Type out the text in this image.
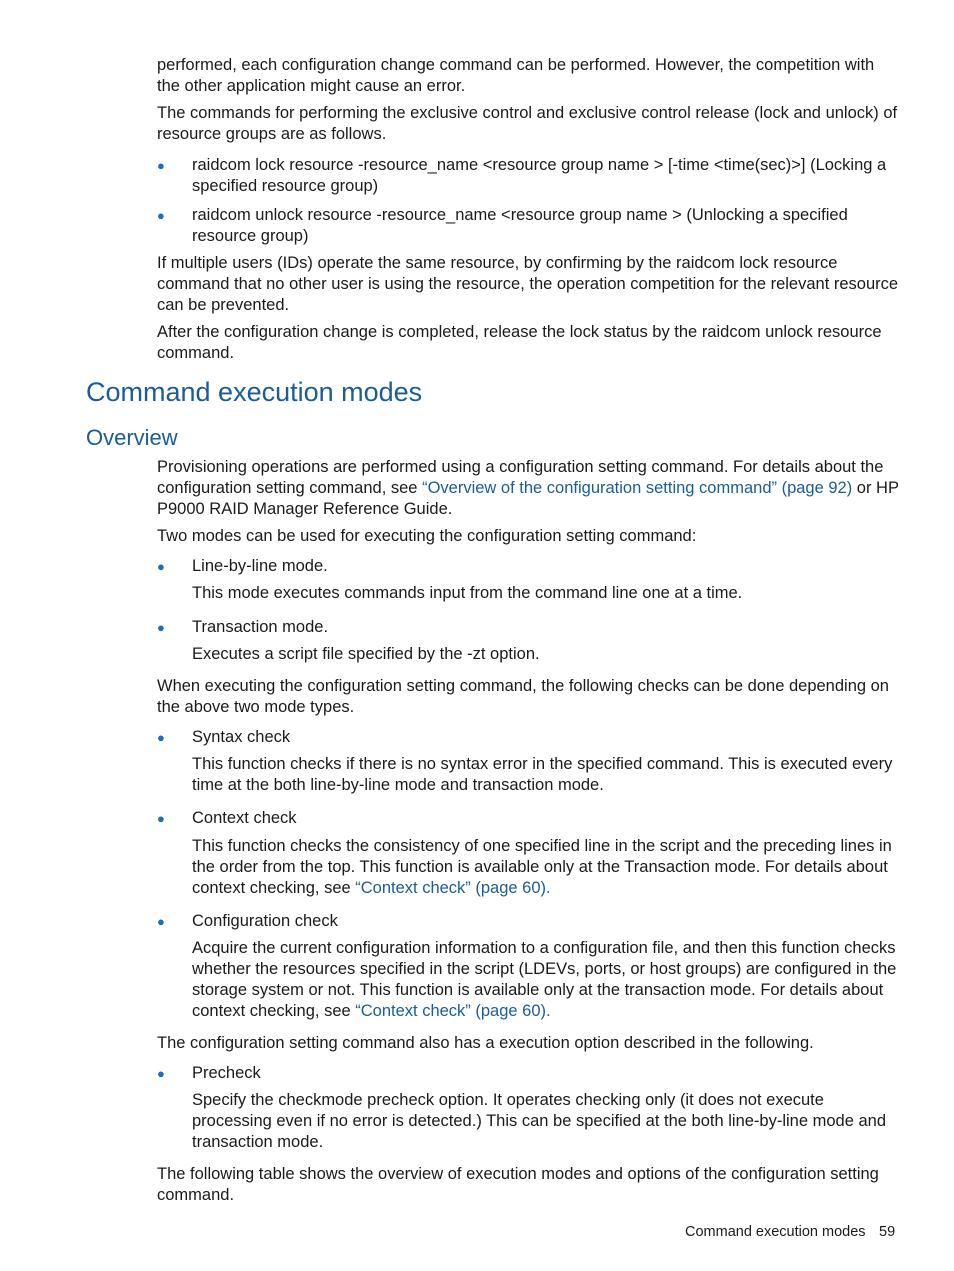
performed, each configuration change command can be performed. However, the competition with the other application might cause an error.

The commands for performing the exclusive control and exclusive control release (lock and unlock) of resource groups are as follows.

●	raidcom lock resource -resource_name <resource group name > [-time <time(sec)>] (Locking a specified resource group)
●	raidcom unlock resource -resource_name <resource group name > (Unlocking a specified resource group)

If multiple users (IDs) operate the same resource, by confirming by the raidcom lock resource command that no other user is using the resource, the operation competition for the relevant resource can be prevented.

After the configuration change is completed, release the lock status by the raidcom unlock resource command.

Command execution modes
Overview

Provisioning operations are performed using a configuration setting command. For details about the configuration setting command, see “Overview of the configuration setting command” (page 92) or HP P9000 RAID Manager Reference Guide.

Two modes can be used for executing the configuration setting command:

●	Line-by-line mode.
This mode executes commands input from the command line one at a time.
●	Transaction mode.
Executes a script file specified by the -zt option.

When executing the configuration setting command, the following checks can be done depending on the above two mode types.

●	Syntax check
This function checks if there is no syntax error in the specified command. This is executed every time at the both line-by-line mode and transaction mode.
●	Context check
This function checks the consistency of one specified line in the script and the preceding lines in the order from the top. This function is available only at the Transaction mode. For details about context checking, see “Context check” (page 60).
●	Configuration check
Acquire the current configuration information to a configuration file, and then this function checks whether the resources specified in the script (LDEVs, ports, or host groups) are configured in the storage system or not. This function is available only at the transaction mode. For details about context checking, see “Context check” (page 60).

The configuration setting command also has a execution option described in the following.

●	Precheck
Specify the checkmode precheck option. It operates checking only (it does not execute processing even if no error is detected.) This can be specified at the both line-by-line mode and transaction mode.

The following table shows the overview of execution modes and options of the configuration setting command.

Command execution modes 59
